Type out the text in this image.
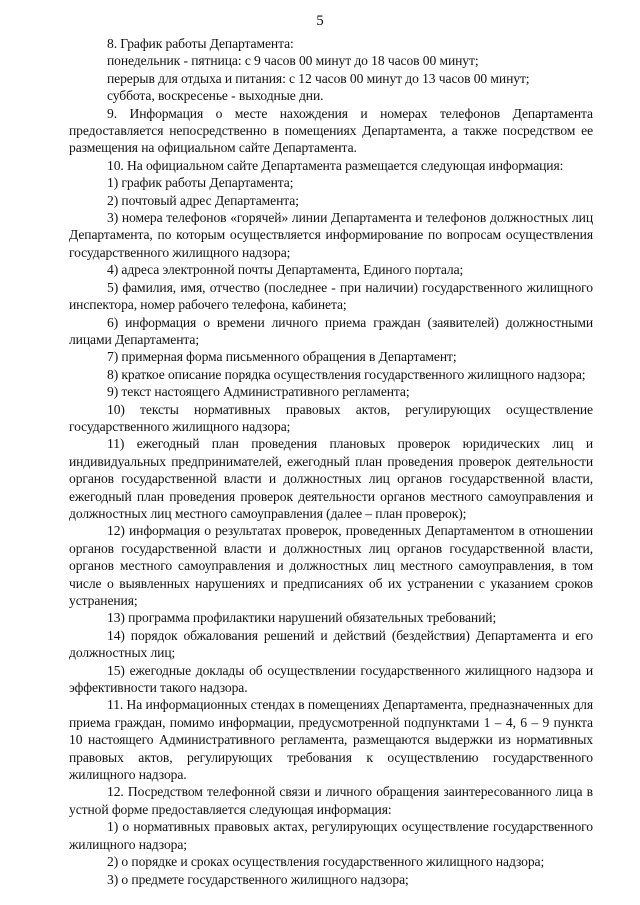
5

8. График работы Департамента:

понедельник - пятница: с 9 часов 00 минут до 18 часов 00 минут;

перерыв для отдыха и питания: с 12 часов 00 минут до 13 часов 00 минут;

суббота, воскресенье - выходные дни.

9. Информация о месте нахождения и номерах телефонов Департамента предоставляется непосредственно в помещениях Департамента, а также посредством ее размещения на официальном сайте Департамента.

10. На официальном сайте Департамента размещается следующая информация:

1) график работы Департамента;

2) почтовый адрес Департамента;

3) номера телефонов «горячей» линии Департамента и телефонов должностных лиц Департамента, по которым осуществляется информирование по вопросам осуществления государственного жилищного надзора;

4) адреса электронной почты Департамента, Единого портала;

5) фамилия, имя, отчество (последнее - при наличии) государственного жилищного инспектора, номер рабочего телефона, кабинета;

6) информация о времени личного приема граждан (заявителей) должностными лицами Департамента;

7) примерная форма письменного обращения в Департамент;

8) краткое описание порядка осуществления государственного жилищного надзора;

9) текст настоящего Административного регламента;

10) тексты нормативных правовых актов, регулирующих осуществление государственного жилищного надзора;

11) ежегодный план проведения плановых проверок юридических лиц и индивидуальных предпринимателей, ежегодный план проведения проверок деятельности органов государственной власти и должностных лиц органов государственной власти, ежегодный план проведения проверок деятельности органов местного самоуправления и должностных лиц местного самоуправления (далее – план проверок);

12) информация о результатах проверок, проведенных Департаментом в отношении органов государственной власти и должностных лиц органов государственной власти, органов местного самоуправления и должностных лиц местного самоуправления, в том числе о выявленных нарушениях и предписаниях об их устранении с указанием сроков устранения;

13) программа профилактики нарушений обязательных требований;

14) порядок обжалования решений и действий (бездействия) Департамента и его должностных лиц;

15) ежегодные доклады об осуществлении государственного жилищного надзора и эффективности такого надзора.

11. На информационных стендах в помещениях Департамента, предназначенных для приема граждан, помимо информации, предусмотренной подпунктами 1 – 4, 6 – 9 пункта 10 настоящего Административного регламента, размещаются выдержки из нормативных правовых актов, регулирующих требования к осуществлению государственного жилищного надзора.

12. Посредством телефонной связи и личного обращения заинтересованного лица в устной форме предоставляется следующая информация:

1) о нормативных правовых актах, регулирующих осуществление государственного жилищного надзора;

2) о порядке и сроках осуществления государственного жилищного надзора;

3) о предмете государственного жилищного надзора;
